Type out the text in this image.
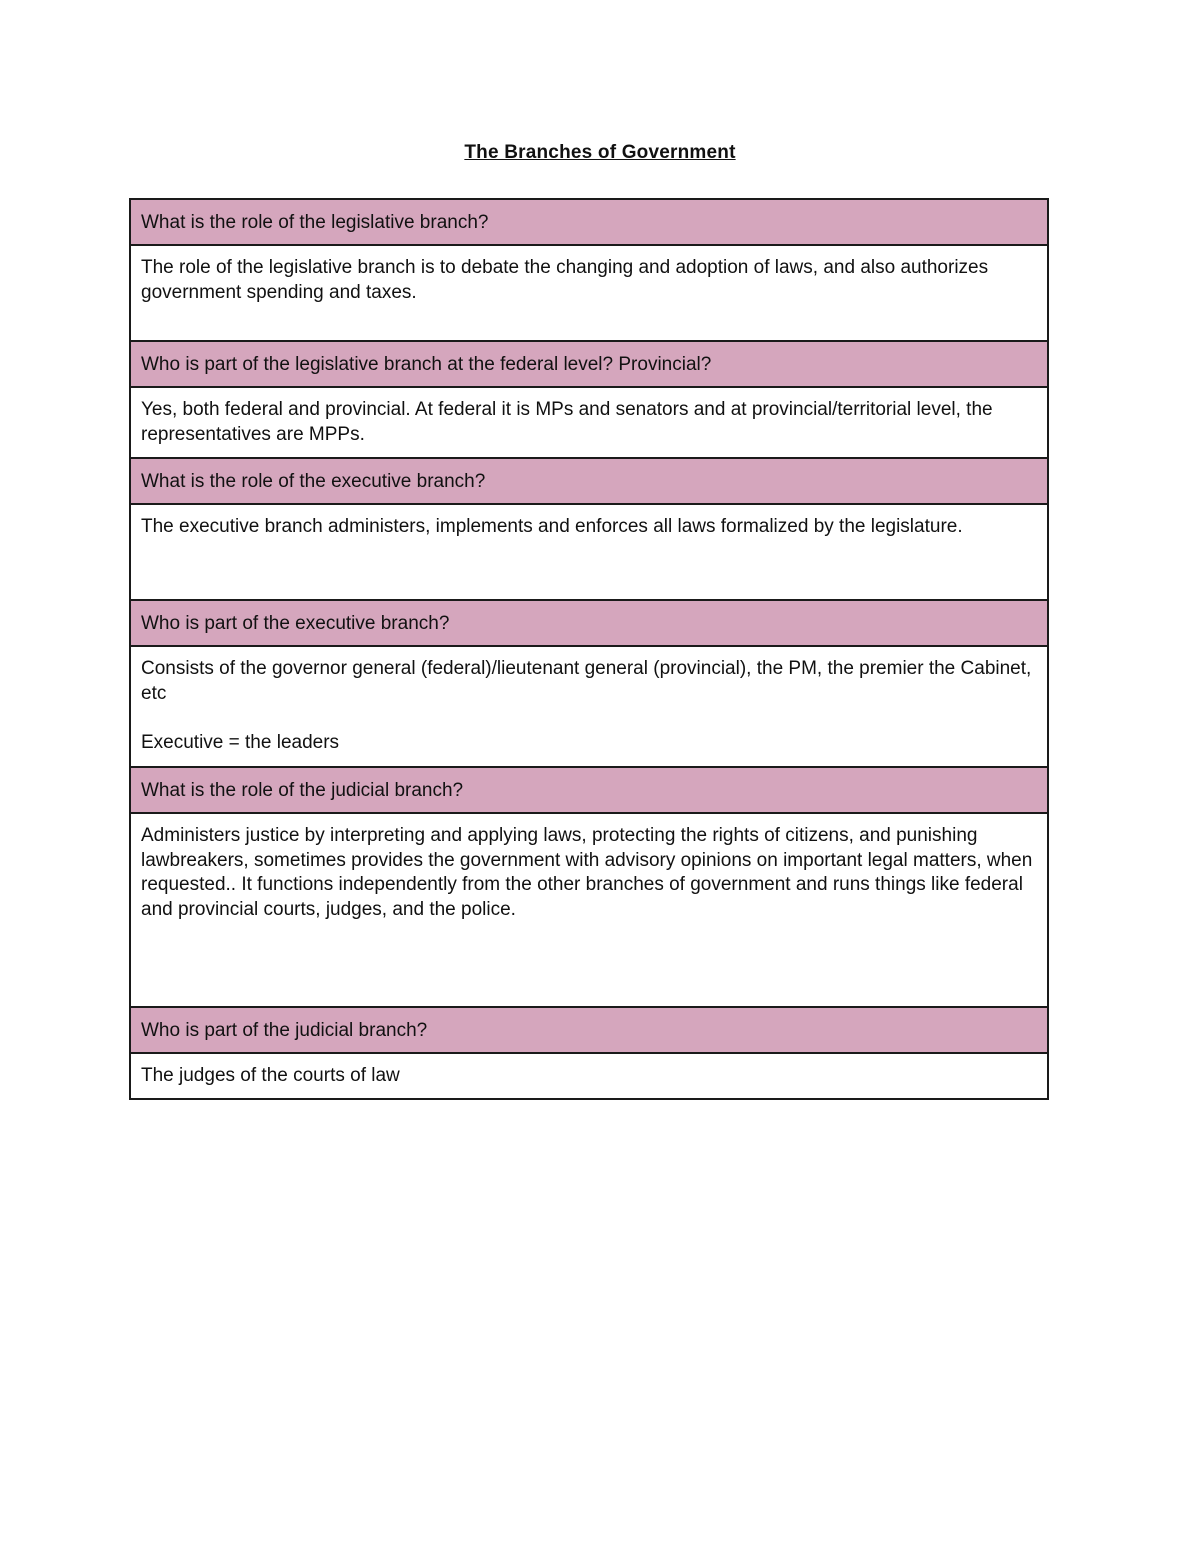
The Branches of Government
What is the role of the legislative branch?
The role of the legislative branch is to debate the changing and adoption of laws, and also authorizes government spending and taxes.
Who is part of the legislative branch at the federal level? Provincial?
Yes, both federal and provincial. At federal it is MPs and senators and at provincial/territorial level, the representatives are MPPs.
What is the role of the executive branch?
The executive branch administers, implements and enforces all laws formalized by the legislature.
Who is part of the executive branch?
Consists of the governor general (federal)/lieutenant general (provincial), the PM, the premier the Cabinet, etc

Executive = the leaders
What is the role of the judicial branch?
Administers justice by interpreting and applying laws, protecting the rights of citizens, and punishing lawbreakers, sometimes provides the government with advisory opinions on important legal matters, when requested.. It functions independently from the other branches of government and runs things like federal and provincial courts, judges, and the police.
Who is part of the judicial branch?
The judges of the courts of law
